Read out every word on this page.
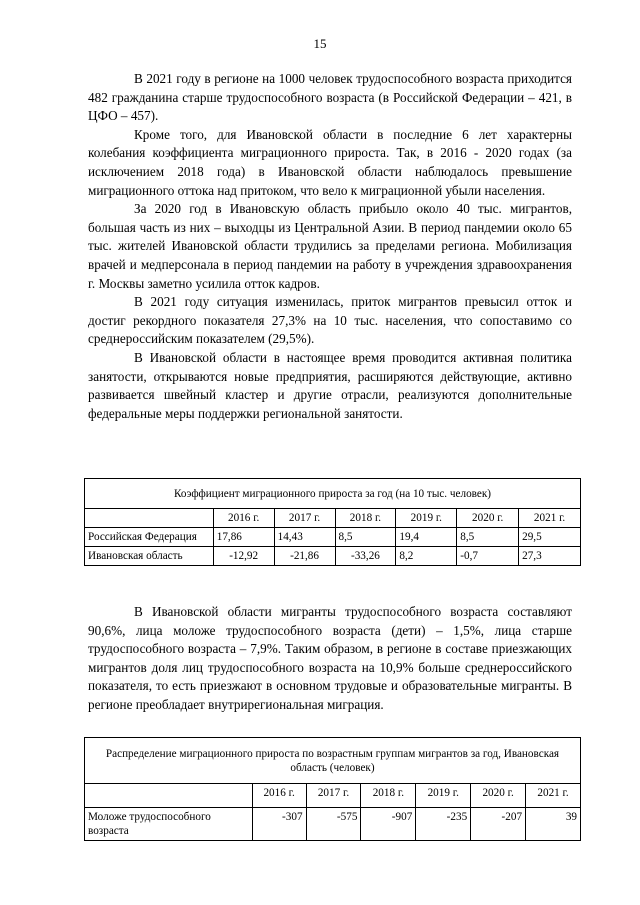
15

В 2021 году в регионе на 1000 человек трудоспособного возраста приходится 482 гражданина старше трудоспособного возраста (в Российской Федерации – 421, в ЦФО – 457).

Кроме того, для Ивановской области в последние 6 лет характерны колебания коэффициента миграционного прироста. Так, в 2016 - 2020 годах (за исключением 2018 года) в Ивановской области наблюдалось превышение миграционного оттока над притоком, что вело к миграционной убыли населения.

За 2020 год в Ивановскую область прибыло около 40 тыс. мигрантов, большая часть из них – выходцы из Центральной Азии. В период пандемии около 65 тыс. жителей Ивановской области трудились за пределами региона. Мобилизация врачей и медперсонала в период пандемии на работу в учреждения здравоохранения г. Москвы заметно усилила отток кадров.

В 2021 году ситуация изменилась, приток мигрантов превысил отток и достиг рекордного показателя 27,3% на 10 тыс. населения, что сопоставимо со среднероссийским показателем (29,5%).

В Ивановской области в настоящее время проводится активная политика занятости, открываются новые предприятия, расширяются действующие, активно развивается швейный кластер и другие отрасли, реализуются дополнительные федеральные меры поддержки региональной занятости.

Коэффициент миграционного прироста за год (на 10 тыс. человек)						
	2016 г.	2017 г.	2018 г.	2019 г.	2020 г.	2021 г.
Российская Федерация	17,86	14,43	8,5	19,4	8,5	29,5
Ивановская область	-12,92	-21,86	-33,26	8,2	-0,7	27,3

В Ивановской области мигранты трудоспособного возраста составляют 90,6%, лица моложе трудоспособного возраста (дети) – 1,5%, лица старше трудоспособного возраста – 7,9%. Таким образом, в регионе в составе приезжающих мигрантов доля лиц трудоспособного возраста на 10,9% больше среднероссийского показателя, то есть приезжают в основном трудовые и образовательные мигранты. В регионе преобладает внутрирегиональная миграция.

Распределение миграционного прироста по возрастным группам мигрантов за год, Ивановская область (человек)						
	2016 г.	2017 г.	2018 г.	2019 г.	2020 г.	2021 г.
Моложе трудоспособного возраста	-307	-575	-907	-235	-207	39
